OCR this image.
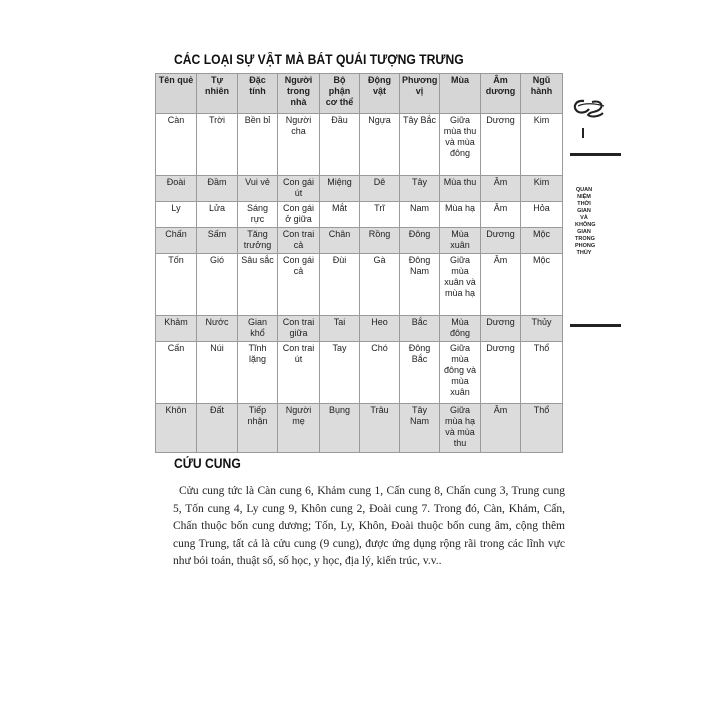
CÁC LOẠI SỰ VẬT MÀ BÁT QUÁI TƯỢNG TRƯNG
Tên quẻ	Tự nhiên	Đặc tính	Người trong nhà	Bộ phận cơ thể	Động vật	Phương vị	Mùa	Âm dương	Ngũ hành
Càn	Trời	Bền bỉ	Người cha	Đầu	Ngựa	Tây Bắc	Giữa mùa thu và mùa đông	Dương	Kim
Đoài	Đầm	Vui vẻ	Con gái út	Miệng	Dê	Tây	Mùa thu	Âm	Kim
Ly	Lửa	Sáng rực	Con gái ở giữa	Mắt	Trĩ	Nam	Mùa hạ	Âm	Hỏa
Chấn	Sấm	Tăng trưởng	Con trai cả	Chân	Rồng	Đông	Mùa xuân	Dương	Mộc
Tốn	Gió	Sâu sắc	Con gái cả	Đùi	Gà	Đông Nam	Giữa mùa xuân và mùa hạ	Âm	Mộc
Khảm	Nước	Gian khổ	Con trai giữa	Tai	Heo	Bắc	Mùa đông	Dương	Thủy
Cấn	Núi	Tĩnh lặng	Con trai út	Tay	Chó	Đông Bắc	Giữa mùa đông và mùa xuân	Dương	Thổ
Khôn	Đất	Tiếp nhận	Người mẹ	Bụng	Trâu	Tây Nam	Giữa mùa hạ và mùa thu	Âm	Thổ
CỬU CUNG
Cửu cung tức là Càn cung 6, Khảm cung 1, Cấn cung 8, Chấn cung 3, Trung cung 5, Tốn cung 4, Ly cung 9, Khôn cung 2, Đoài cung 7. Trong đó, Càn, Khảm, Cấn, Chấn thuộc bốn cung dương; Tốn, Ly, Khôn, Đoài thuộc bốn cung âm, cộng thêm cung Trung, tất cả là cửu cung (9 cung), được ứng dụng rộng rãi trong các lĩnh vực như bói toán, thuật số, số học, y học, địa lý, kiến trúc, v.v..
QUAN
NIỆM
THỜI
GIAN
VÀ
KHÔNG
GIAN
TRONG
PHONG
THỦY
